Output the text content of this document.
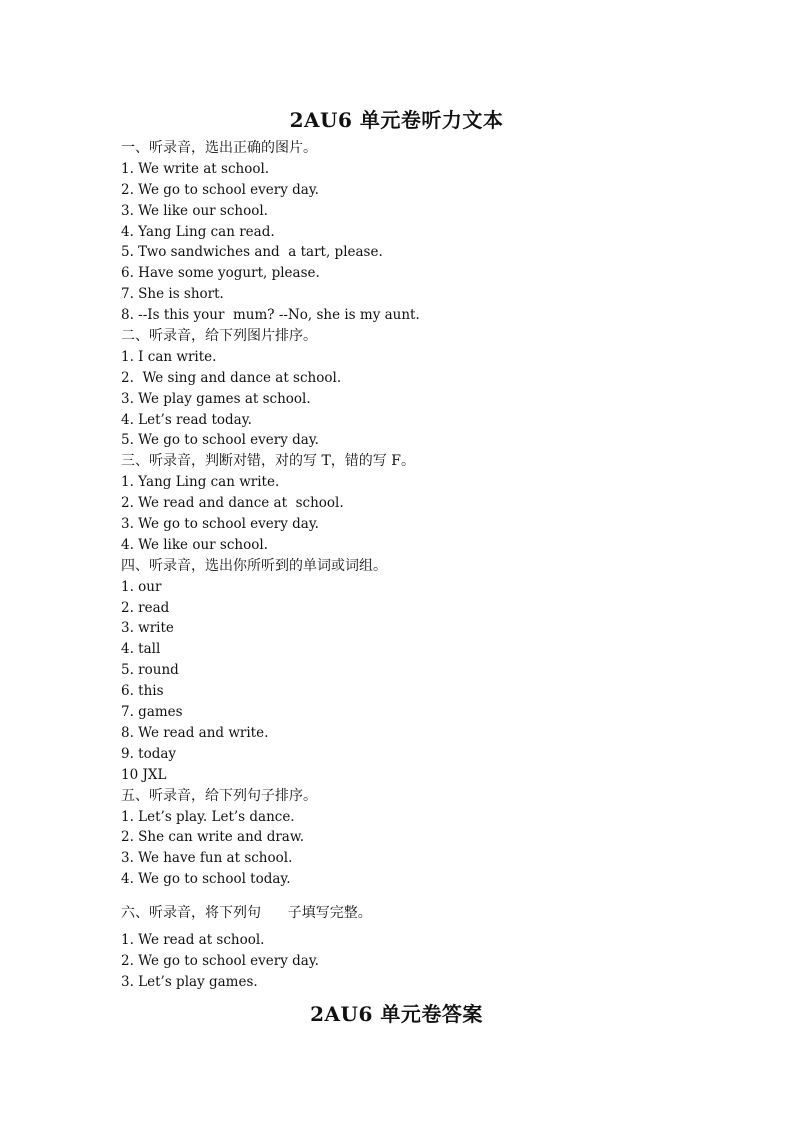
2AU6 单元卷听力文本
一、听录音，选出正确的图片。
1. We write at school.
2. We go to school every day.
3. We like our school.
4. Yang Ling can read.
5. Two sandwiches and  a tart, please.
6. Have some yogurt, please.
7. She is short.
8. --Is this your  mum? --No, she is my aunt.
二、听录音，给下列图片排序。
1. I can write.
2.  We sing and dance at school.
3. We play games at school.
4. Let’s read today.
5. We go to school every day.
三、听录音，判断对错，对的写 T，错的写 F。
1. Yang Ling can write.
2. We read and dance at  school.
3. We go to school every day.
4. We like our school.
四、听录音，选出你所听到的单词或词组。
1. our
2. read
3. write
4. tall
5. round
6. this
7. games
8. We read and write.
9. today
10 JXL
五、听录音，给下列句子排序。
1. Let’s play. Let’s dance.
2. She can write and draw.
3. We have fun at school.
4. We go to school today.
六、听录音，将下列句      子填写完整。
1. We read at school.
2. We go to school every day.
3. Let’s play games.
2AU6 单元卷答案
